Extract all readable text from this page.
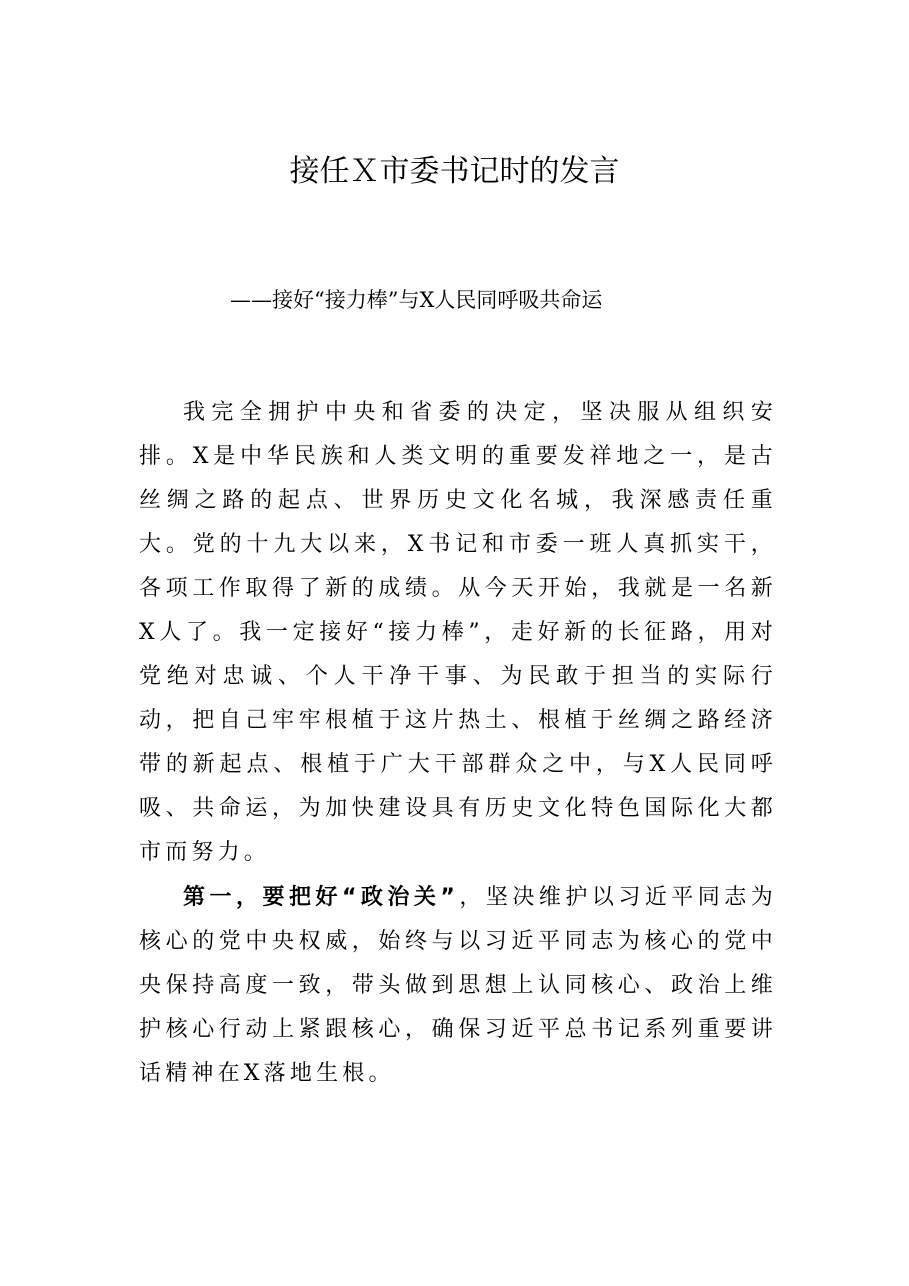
接任Ｘ市委书记时的发言

——接好“接力棒”与X人民同呼吸共命运

我完全拥护中央和省委的决定，坚决服从组织安排。X是中华民族和人类文明的重要发祥地之一，是古丝绸之路的起点、世界历史文化名城，我深感责任重大。党的十九大以来，X书记和市委一班人真抓实干，各项工作取得了新的成绩。从今天开始，我就是一名新X人了。我一定接好“接力棒”，走好新的长征路，用对党绝对忠诚、个人干净干事、为民敢于担当的实际行动，把自己牢牢根植于这片热土、根植于丝绸之路经济带的新起点、根植于广大干部群众之中，与X人民同呼吸、共命运，为加快建设具有历史文化特色国际化大都市而努力。

第一，要把好“政治关”，坚决维护以习近平同志为核心的党中央权威，始终与以习近平同志为核心的党中央保持高度一致，带头做到思想上认同核心、政治上维护核心行动上紧跟核心，确保习近平总书记系列重要讲话精神在X落地生根。
